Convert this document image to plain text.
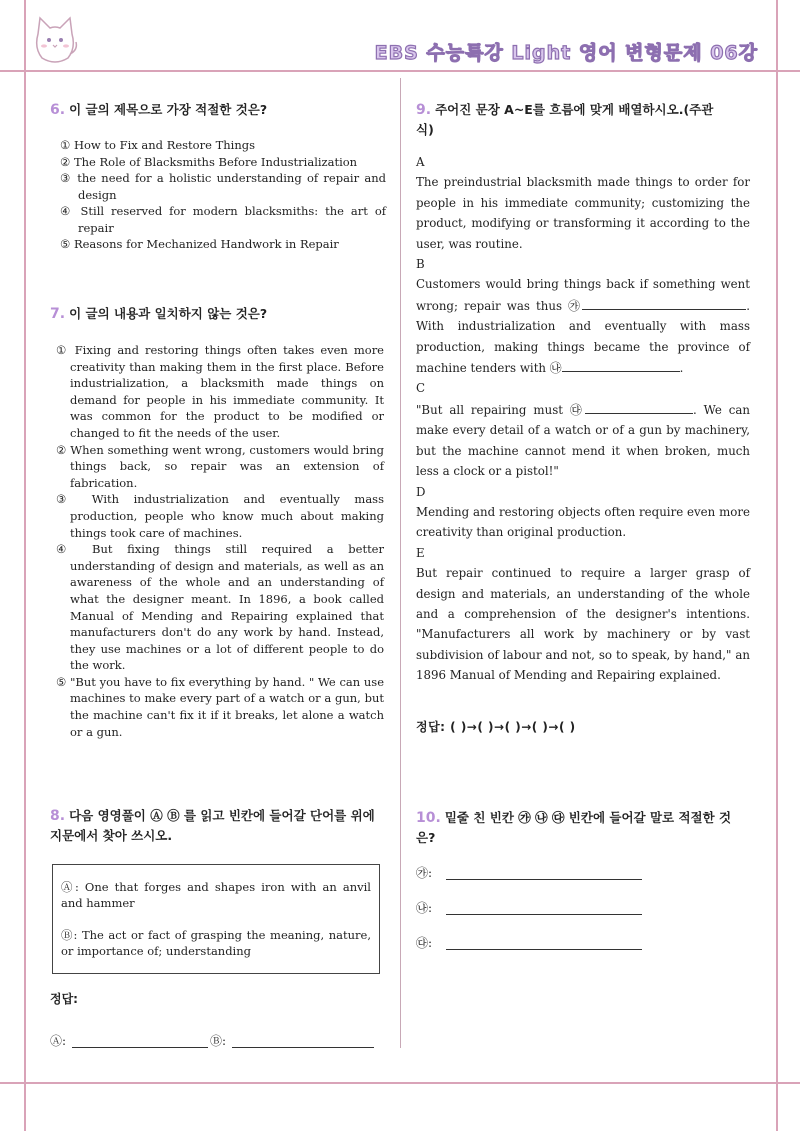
EBS 수능특강 Light 영어 변형문제 06강
6. 이 글의 제목으로 가장 적절한 것은?
① How to Fix and Restore Things
② The Role of Blacksmiths Before Industrialization
③ the need for a holistic understanding of repair and design
④ Still reserved for modern blacksmiths: the art of repair
⑤ Reasons for Mechanized Handwork in Repair
7. 이 글의 내용과 일치하지 않는 것은?

① Fixing and restoring things often takes even more creativity than making them in the first place. Before industrialization, a blacksmith made things on demand for people in his immediate community. It was common for the product to be modified or changed to fit the needs of the user.

② When something went wrong, customers would bring things back, so repair was an extension of fabrication.

③ With industrialization and eventually mass production, people who know much about making things took care of machines.

④ But fixing things still required a better understanding of design and materials, as well as an awareness of the whole and an understanding of what the designer meant. In 1896, a book called Manual of Mending and Repairing explained that manufacturers don't do any work by hand. Instead, they use machines or a lot of different people to do the work.

⑤ "But you have to fix everything by hand. " We can use machines to make every part of a watch or a gun, but the machine can't fix it if it breaks, let alone a watch or a gun.

8. 다음 영영풀이 Ⓐ Ⓑ 를 읽고 빈칸에 들어갈 단어를 위에 지문에서 찾아 쓰시오.
Ⓐ: One that forges and shapes iron with an anvil and hammer
Ⓑ: The act or fact of grasping the meaning, nature, or importance of; understanding
정답:
Ⓐ:	Ⓑ:
9. 주어진 문장 A~E를 흐름에 맞게 배열하시오.(주관식)
A
The preindustrial blacksmith made things to order for people in his immediate community; customizing the product, modifying or transforming it according to the user, was routine.
B
Customers would bring things back if something went wrong; repair was thus ㉮	. With industrialization and eventually with mass production, making things became the province of machine tenders with ㉯	.
C
"But all repairing must ㉰	. We can make every detail of a watch or of a gun by machinery, but the machine cannot mend it when broken, much less a clock or a pistol!"
D
Mending and restoring objects often require even more creativity than original production.
E
But repair continued to require a larger grasp of design and materials, an understanding of the whole and a comprehension of the designer's intentions. "Manufacturers all work by machinery or by vast subdivision of labour and not, so to speak, by hand," an 1896 Manual of Mending and Repairing explained.
정답: ( )→( )→( )→( )→( )
10. 밑줄 친 빈칸 ㉮ ㉯ ㉰ 빈칸에 들어갈 말로 적절한 것은?
㉮:
㉯:
㉰:
